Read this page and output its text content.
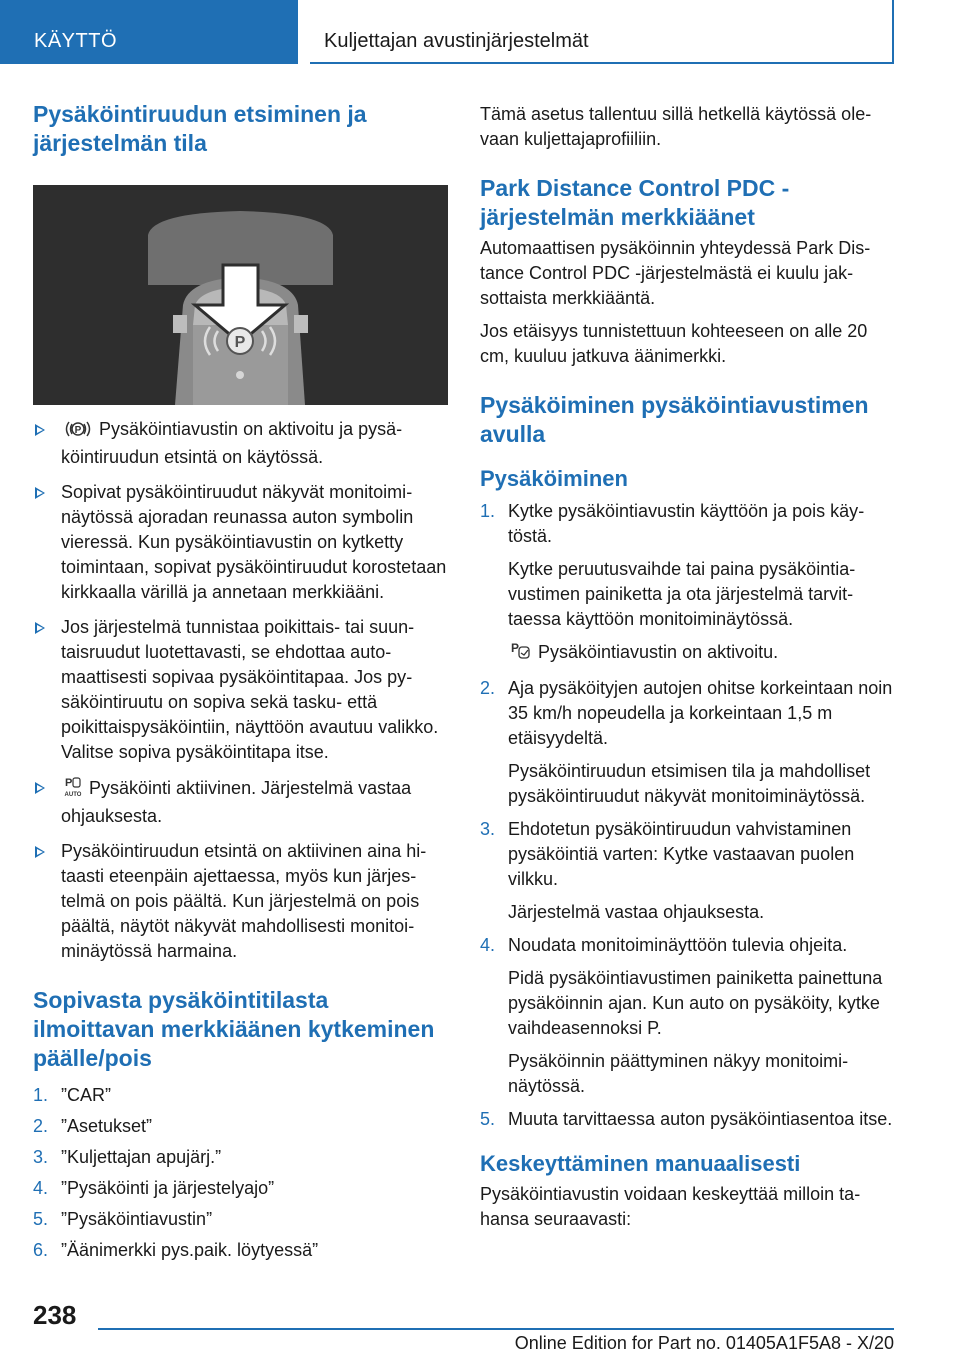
KÄYTTÖ	Kuljettajan avustinjärjestelmät
Pysäköintiruudun etsiminen ja järjestelmän tila
P
P Pysäköintiavustin on aktivoitu ja pysäköintiruudun etsintä on käytössä.
Sopivat pysäköintiruudut näkyvät monitoiminäytössä ajoradan reunassa auton symbolin vieressä. Kun pysäköintiavustin on kytketty toimintaan, sopivat pysäköintiruudut korostetaan kirkkaalla värillä ja annetaan merkkiääni.
Jos järjestelmä tunnistaa poikittais- tai suuntaisruudut luotettavasti, se ehdottaa automaattisesti sopivaa pysäköintitapaa. Jos pysäköintiruutu on sopiva sekä tasku- että poikittaispysäköintiin, näyttöön avautuu valikko. Valitse sopiva pysäköintitapa itse.
P
AUTO Pysäköinti aktiivinen. Järjestelmä vastaa ohjauksesta.
Pysäköintiruudun etsintä on aktiivinen aina hitaasti eteenpäin ajettaessa, myös kun järjestelmä on pois päältä. Kun järjestelmä on pois päältä, näytöt näkyvät mahdollisesti monitoiminäytössä harmaina.
Sopivasta pysäköintitilasta ilmoittavan merkkiäänen kytkeminen päälle/pois
1. ”CAR”
2. ”Asetukset”
3. ”Kuljettajan apujärj.”
4. ”Pysäköinti ja järjestelyajo”
5. ”Pysäköintiavustin”
6. ”Äänimerkki pys.paik. löytyessä”

Tämä asetus tallentuu sillä hetkellä käytössä olevaan kuljettajaprofiiliin.

Park Distance Control PDC -järjestelmän merkkiäänet

Automaattisen pysäköinnin yhteydessä Park Distance Control PDC -järjestelmästä ei kuulu jaksottaista merkkiääntä.

Jos etäisyys tunnistettuun kohteeseen on alle 20 cm, kuuluu jatkuva äänimerkki.

Pysäköiminen pysäköintiavustimen avulla
Pysäköiminen
1. Kytke pysäköintiavustin käyttöön ja pois käytöstä.

Kytke peruutusvaihde tai paina pysäköintiavustimen painiketta ja ota järjestelmä tarvittaessa käyttöön monitoiminäytössä.

P Pysäköintiavustin on aktivoitu.

2. Aja pysäköityjen autojen ohitse korkeintaan noin 35 km/h nopeudella ja korkeintaan 1,5 m etäisyydeltä.

Pysäköintiruudun etsimisen tila ja mahdolliset pysäköintiruudut näkyvät monitoiminäytössä.

3. Ehdotetun pysäköintiruudun vahvistaminen pysäköintiä varten: Kytke vastaavan puolen vilkku.

Järjestelmä vastaa ohjauksesta.

4. Noudata monitoiminäyttöön tulevia ohjeita.

Pidä pysäköintiavustimen painiketta painettuna pysäköinnin ajan. Kun auto on pysäköity, kytke vaihdeasennoksi P.

Pysäköinnin päättyminen näkyy monitoiminäytössä.

5. Muuta tarvittaessa auton pysäköintiasentoa itse.

Keskeyttäminen manuaalisesti

Pysäköintiavustin voidaan keskeyttää milloin tahansa seuraavasti:

238
Online Edition for Part no. 01405A1F5A8 - X/20
